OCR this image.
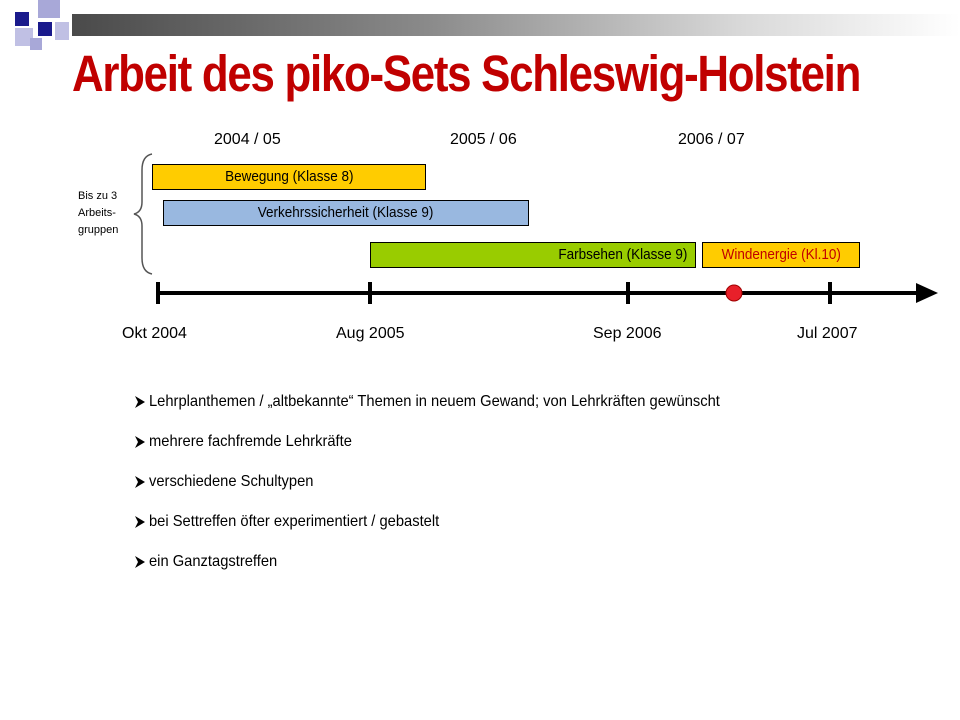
Arbeit des piko-Sets Schleswig-Holstein
2004 / 05	2005 / 06	2006 / 07
Bis zu 3
Arbeits-
gruppen
Bewegung (Klasse 8)
Verkehrssicherheit (Klasse 9)
Farbsehen (Klasse 9)	Windenergie (Kl.10)
Okt 2004	Aug 2005	Sep 2006	Jul 2007
Lehrplanthemen / „altbekannte“ Themen in neuem Gewand; von Lehrkräften gewünscht
mehrere fachfremde Lehrkräfte
verschiedene Schultypen
bei Settreffen öfter experimentiert / gebastelt
ein Ganztagstreffen
